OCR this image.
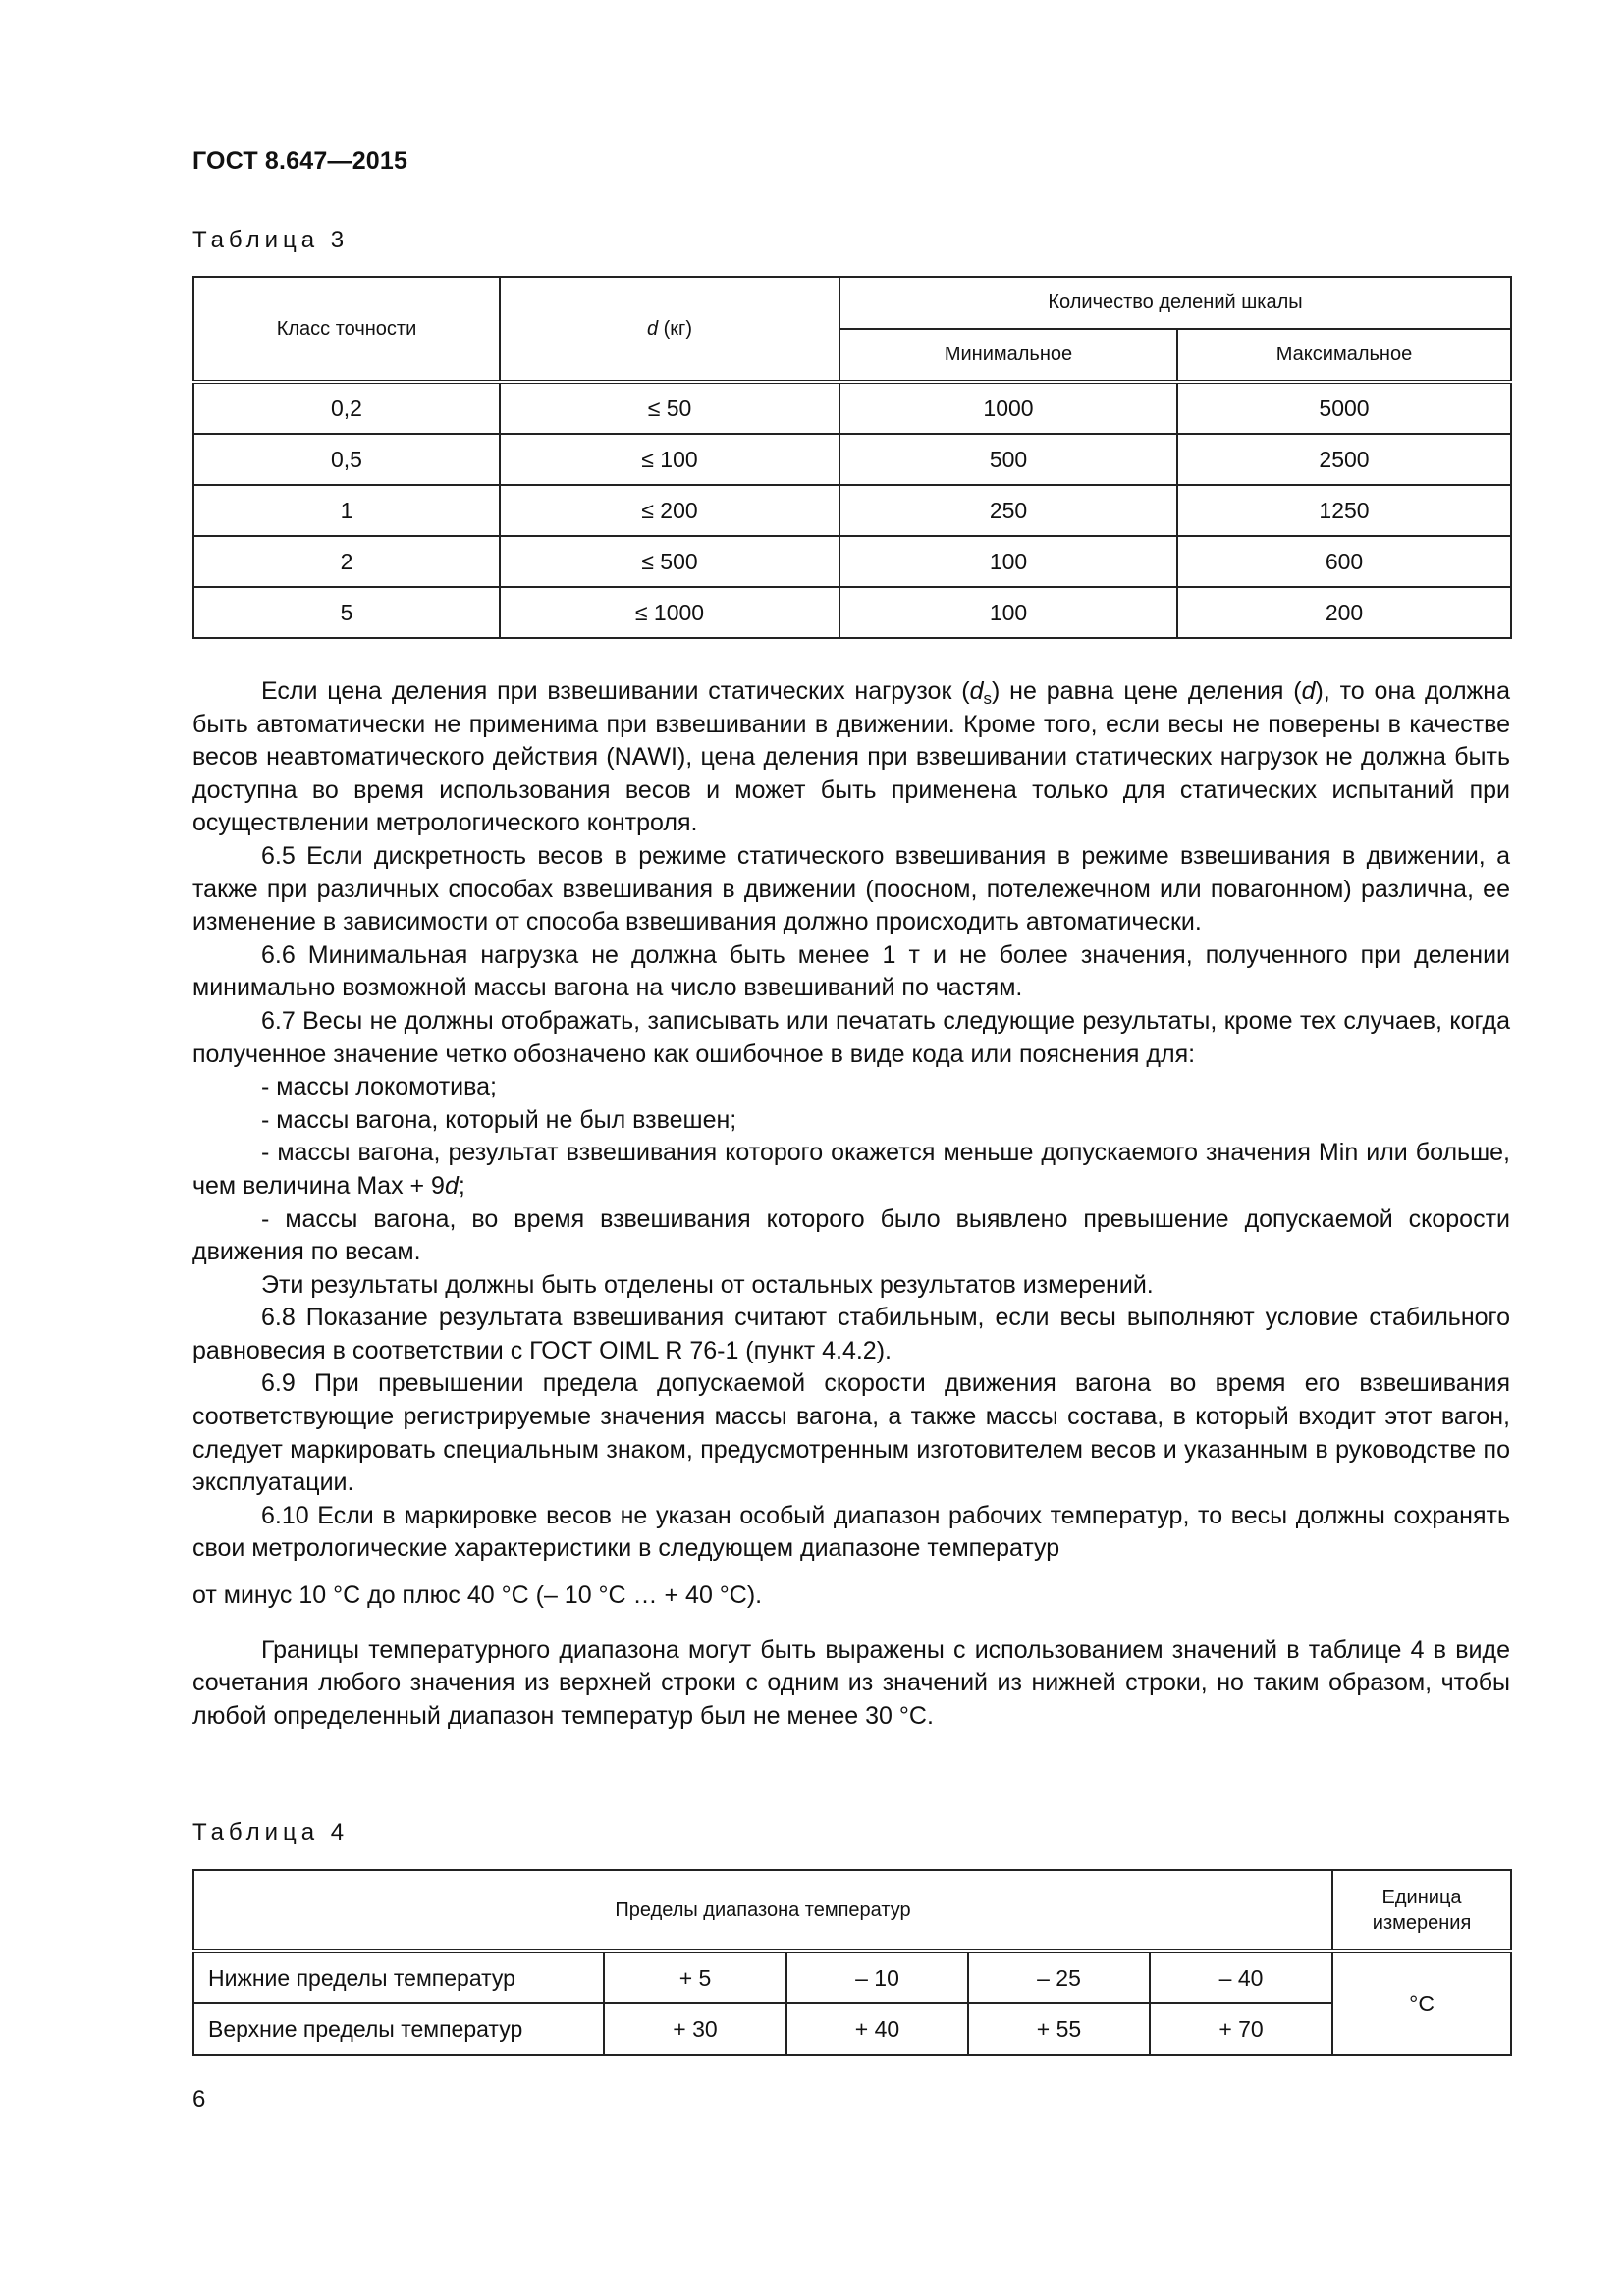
ГОСТ 8.647—2015
Таблица 3
Класс точности	d (кг)	Количество делений шкалы	
		Минимальное	Максимальное
0,2	≤ 50	1000	5000
0,5	≤ 100	500	2500
1	≤ 200	250	1250
2	≤ 500	100	600
5	≤ 1000	100	200

Если цена деления при взвешивании статических нагрузок $(d_s)$ не равна цене деления (d), то она должна быть автоматически не применима при взвешивании в движении. Кроме того, если весы не поверены в качестве весов неавтоматического действия (NAWI), цена деления при взвешивании статических нагрузок не должна быть доступна во время использования весов и может быть применена только для статических испытаний при осуществлении метрологического контроля.

6.5 Если дискретность весов в режиме статического взвешивания в режиме взвешивания в движении, а также при различных способах взвешивания в движении (поосном, потележечном или повагонном) различна, ее изменение в зависимости от способа взвешивания должно происходить автоматически.

6.6 Минимальная нагрузка не должна быть менее 1 т и не более значения, полученного при делении минимально возможной массы вагона на число взвешиваний по частям.

6.7 Весы не должны отображать, записывать или печатать следующие результаты, кроме тех случаев, когда полученное значение четко обозначено как ошибочное в виде кода или пояснения для:

- массы локомотива;

- массы вагона, который не был взвешен;

- массы вагона, результат взвешивания которого окажется меньше допускаемого значения Min или больше, чем величина Max + 9d;

- массы вагона, во время взвешивания которого было выявлено превышение допускаемой скорости движения по весам.

Эти результаты должны быть отделены от остальных результатов измерений.

6.8 Показание результата взвешивания считают стабильным, если весы выполняют условие стабильного равновесия в соответствии с ГОСТ OIML R 76-1 (пункт 4.4.2).

6.9 При превышении предела допускаемой скорости движения вагона во время его взвешивания соответствующие регистрируемые значения массы вагона, а также массы состава, в который входит этот вагон, следует маркировать специальным знаком, предусмотренным изготовителем весов и указанным в руководстве по эксплуатации.

6.10 Если в маркировке весов не указан особый диапазон рабочих температур, то весы должны сохранять свои метрологические характеристики в следующем диапазоне температур

от минус 10 °С до плюс 40 °С (– 10 °С … + 40 °С).

Границы температурного диапазона могут быть выражены с использованием значений в таблице 4 в виде сочетания любого значения из верхней строки с одним из значений из нижней строки, но таким образом, чтобы любой определенный диапазон температур был не менее 30 °С.

Таблица 4
Пределы диапазона температур					Единица измерения
Нижние пределы температур	+ 5	– 10	– 25	– 40	°С
Верхние пределы температур	+ 30	+ 40	+ 55	+ 70	
6
